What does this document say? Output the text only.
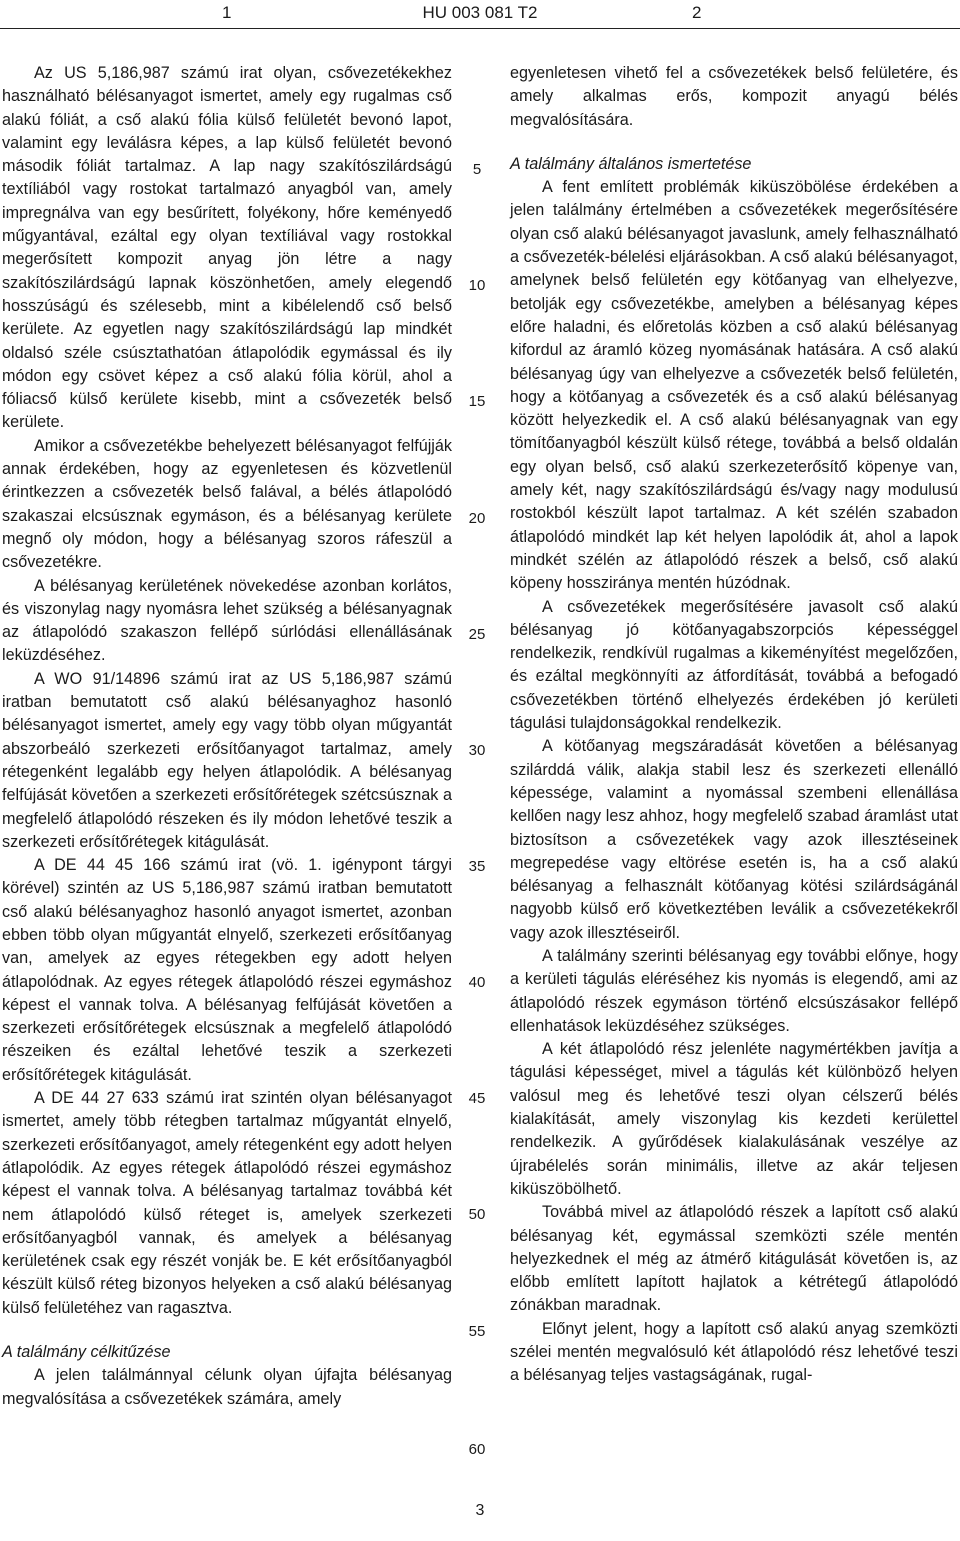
1	HU 003 081 T2	2

Az US 5,186,987 számú irat olyan, csővezetékekhez használható bélésanyagot ismertet, amely egy rugalmas cső alakú fóliát, a cső alakú fólia külső felületét bevonó lapot, valamint egy leválásra képes, a lap külső felületét bevonó második fóliát tartalmaz. A lap nagy szakítószilárdságú textíliából vagy rostokat tartalmazó anyagból van, amely impregnálva van egy besűrített, folyékony, hőre keményedő műgyantával, ezáltal egy olyan textíliával vagy rostokkal megerősített kompozit anyag jön létre a nagy szakítószilárdságú lapnak köszönhetően, amely elegendő hosszúságú és szélesebb, mint a kibélelendő cső belső kerülete. Az egyetlen nagy szakítószilárdságú lap mindkét oldalsó széle csúsztathatóan átlapolódik egymással és ily módon egy csövet képez a cső alakú fólia körül, ahol a fóliacső külső kerülete kisebb, mint a csővezeték belső kerülete.

Amikor a csővezetékbe behelyezett bélésanyagot felfújják annak érdekében, hogy az egyenletesen és közvetlenül érintkezzen a csővezeték belső falával, a bélés átlapolódó szakaszai elcsúsznak egymáson, és a bélésanyag kerülete megnő oly módon, hogy a bélésanyag szoros ráfeszül a csővezetékre.

A bélésanyag kerületének növekedése azonban korlátos, és viszonylag nagy nyomásra lehet szükség a bélésanyagnak az átlapolódó szakaszon fellépő súrlódási ellenállásának leküzdéséhez.

A WO 91/14896 számú irat az US 5,186,987 számú iratban bemutatott cső alakú bélésanyaghoz hasonló bélésanyagot ismertet, amely egy vagy több olyan műgyantát abszorbeáló szerkezeti erősítőanyagot tartalmaz, amely rétegenként legalább egy helyen átlapolódik. A bélésanyag felfújását követően a szerkezeti erősítőrétegek szétcsúsznak a megfelelő átlapolódó részeken és ily módon lehetővé teszik a szerkezeti erősítőrétegek kitágulását.

A DE 44 45 166 számú irat (vö. 1. igénypont tárgyi körével) szintén az US 5,186,987 számú iratban bemutatott cső alakú bélésanyaghoz hasonló anyagot ismertet, azonban ebben több olyan műgyantát elnyelő, szerkezeti erősítőanyag van, amelyek az egyes rétegekben egy adott helyen átlapolódnak. Az egyes rétegek átlapolódó részei egymáshoz képest el vannak tolva. A bélésanyag felfújását követően a szerkezeti erősítőrétegek elcsúsznak a megfelelő átlapolódó részeiken és ezáltal lehetővé teszik a szerkezeti erősítőrétegek kitágulását.

A DE 44 27 633 számú irat szintén olyan bélésanyagot ismertet, amely több rétegben tartalmaz műgyantát elnyelő, szerkezeti erősítőanyagot, amely rétegenként egy adott helyen átlapolódik. Az egyes rétegek átlapolódó részei egymáshoz képest el vannak tolva. A bélésanyag tartalmaz továbbá két nem átlapolódó külső réteget is, amelyek szerkezeti erősítőanyagból vannak, és amelyek a bélésanyag kerületének csak egy részét vonják be. E két erősítőanyagból készült külső réteg bizonyos helyeken a cső alakú bélésanyag külső felületéhez van ragasztva.

A találmány célkitűzése

A jelen találmánnyal célunk olyan újfajta bélésanyag megvalósítása a csővezetékek számára, amely

egyenletesen vihető fel a csővezetékek belső felületére, és amely alkalmas erős, kompozit anyagú bélés megvalósítására.

A találmány általános ismertetése

A fent említett problémák kiküszöbölése érdekében a jelen találmány értelmében a csővezetékek megerősítésére olyan cső alakú bélésanyagot javaslunk, amely felhasználható a csővezeték-bélelési eljárásokban. A cső alakú bélésanyagot, amelynek belső felületén egy kötőanyag van elhelyezve, betolják egy csővezetékbe, amelyben a bélésanyag képes előre haladni, és előretolás közben a cső alakú bélésanyag kifordul az áramló közeg nyomásának hatására. A cső alakú bélésanyag úgy van elhelyezve a csővezeték belső felületén, hogy a kötőanyag a csővezeték és a cső alakú bélésanyag között helyezkedik el. A cső alakú bélésanyagnak van egy tömítőanyagból készült külső rétege, továbbá a belső oldalán egy olyan belső, cső alakú szerkezeterősítő köpenye van, amely két, nagy szakítószilárdságú és/vagy nagy modulusú rostokból készült lapot tartalmaz. A két szélén szabadon átlapolódó mindkét lap két helyen lapolódik át, ahol a lapok mindkét szélén az átlapolódó részek a belső, cső alakú köpeny hossziránya mentén húzódnak.

A csővezetékek megerősítésére javasolt cső alakú bélésanyag jó kötőanyagabszorpciós képességgel rendelkezik, rendkívül rugalmas a kikeményítést megelőzően, és ezáltal megkönnyíti az átfordítását, továbbá a befogadó csővezetékben történő elhelyezés érdekében jó kerületi tágulási tulajdonságokkal rendelkezik.

A kötőanyag megszáradását követően a bélésanyag szilárddá válik, alakja stabil lesz és szerkezeti ellenálló képessége, valamint a nyomással szembeni ellenállása kellően nagy lesz ahhoz, hogy megfelelő szabad áramlást utat biztosítson a csővezetékek vagy azok illesztéseinek megrepedése vagy eltörése esetén is, ha a cső alakú bélésanyag a felhasznált kötőanyag kötési szilárdságánál nagyobb külső erő következtében leválik a csővezetékekről vagy azok illesztéseiről.

A találmány szerinti bélésanyag egy további előnye, hogy a kerületi tágulás eléréséhez kis nyomás is elegendő, ami az átlapolódó részek egymáson történő elcsúszásakor fellépő ellenhatások leküzdéséhez szükséges.

A két átlapolódó rész jelenléte nagymértékben javítja a tágulási képességet, mivel a tágulás két különböző helyen valósul meg és lehetővé teszi olyan célszerű bélés kialakítását, amely viszonylag kis kezdeti kerülettel rendelkezik. A gyűrődések kialakulásának veszélye az újrabélelés során minimális, illetve az akár teljesen kiküszöbölhető.

Továbbá mivel az átlapolódó részek a lapított cső alakú bélésanyag két, egymással szemközti széle mentén helyezkednek el még az átmérő kitágulását követően is, az előbb említett lapított hajlatok a kétrétegű átlapolódó zónákban maradnak.

Előnyt jelent, hogy a lapított cső alakú anyag szemközti szélei mentén megvalósuló két átlapolódó rész lehetővé teszi a bélésanyag teljes vastagságának, rugal-

5
10
15
20
25
30
35
40
45
50
55
60
3
